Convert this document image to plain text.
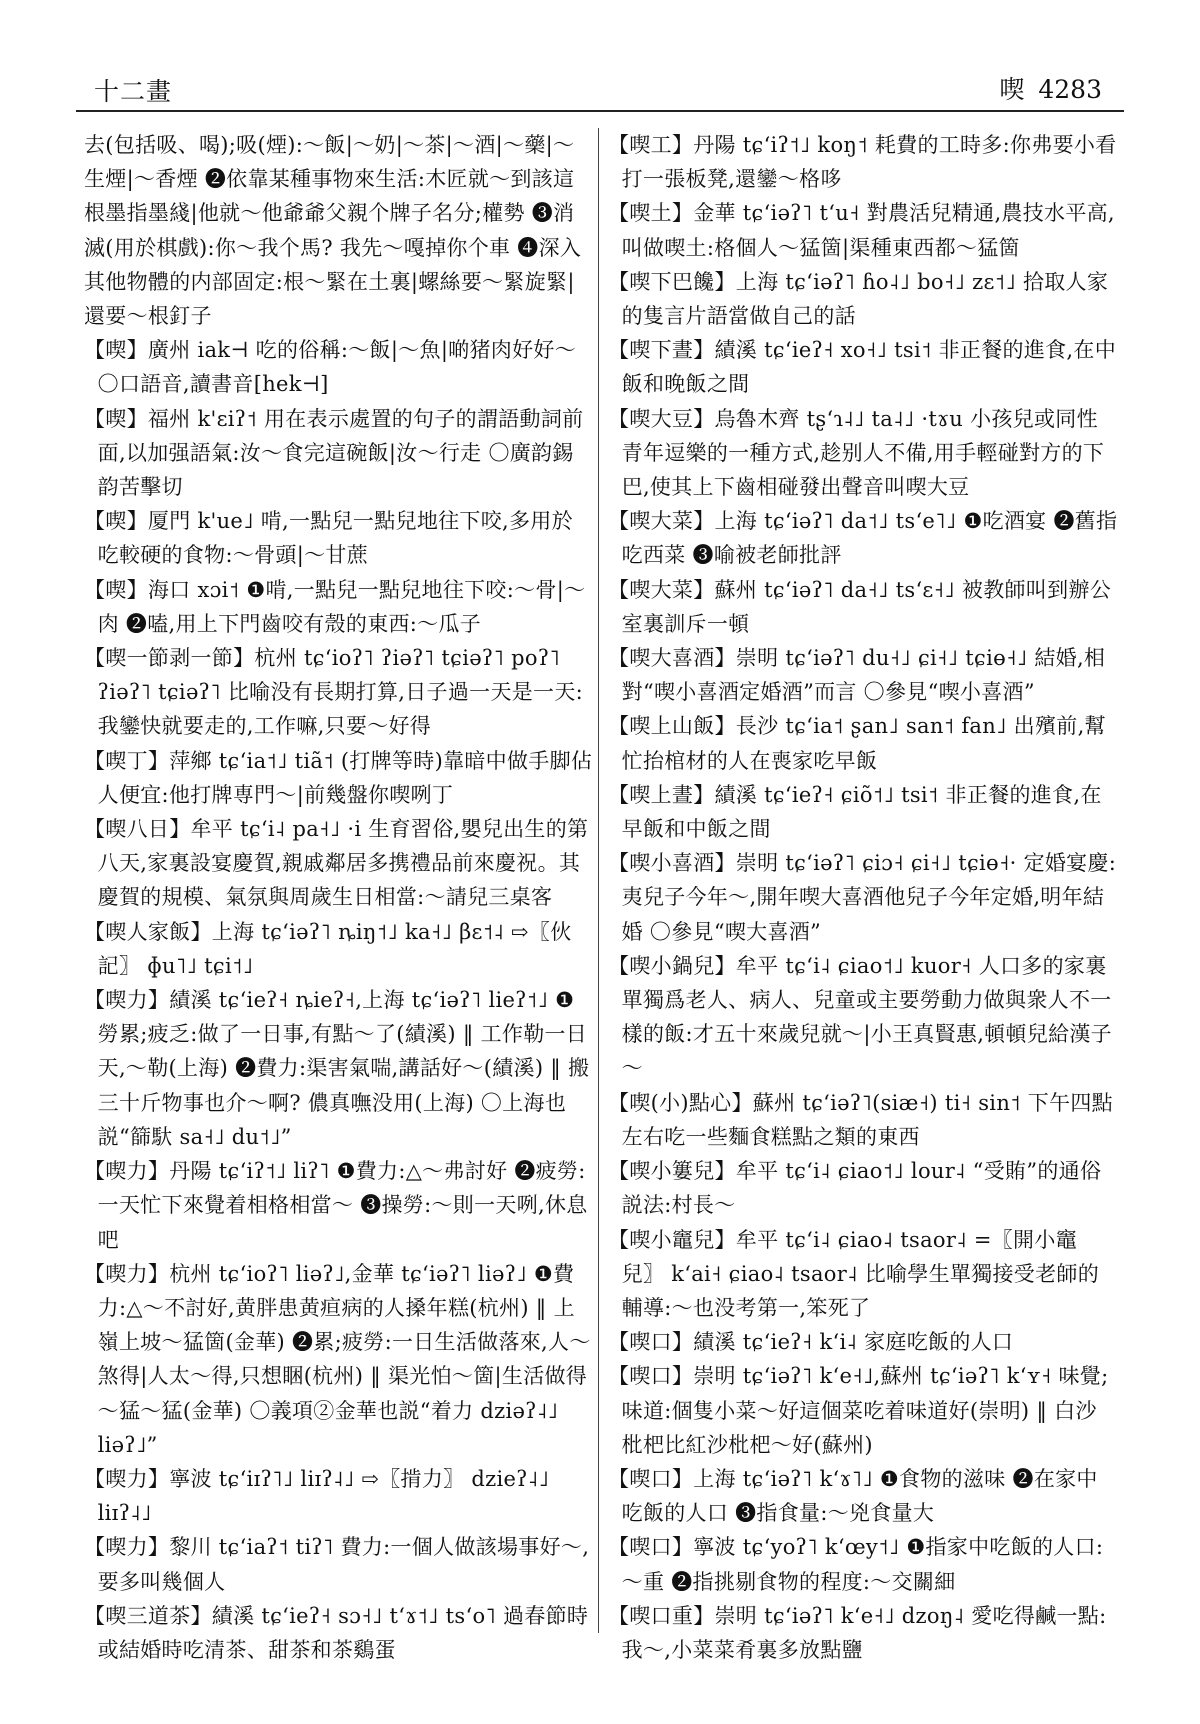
十二畫	喫 4283

去(包括吸、喝);吸(煙):～飯|～奶|～茶|～酒|～藥|～生煙|～香煙 ❷依靠某種事物來生活:木匠就～到該這根墨指墨綫|他就～他爺爺父親个牌子名分;權勢 ❸消滅(用於棋戲):你～我个馬? 我先～嘎掉你个車 ❹深入其他物體的内部固定:根～緊在土裏|螺絲要～緊旋緊|還要～根釘子

【喫】廣州 iak⊣ 吃的俗稱:～飯|～魚|啲猪肉好好～ 〇口語音,讀書音[hek⊣]

【喫】福州 k'ɛiʔ˦ 用在表示處置的句子的謂語動詞前面,以加强語氣:汝～食完這碗飯|汝～行走 〇廣韵錫韵苦擊切

【喫】厦門 k'ue˩ 啃,一點兒一點兒地往下咬,多用於吃較硬的食物:～骨頭|～甘蔗

【喫】海口 xɔi˦ ❶啃,一點兒一點兒地往下咬:～骨|～肉 ❷嗑,用上下門齒咬有殼的東西:～瓜子

【喫一節剥一節】杭州 tɕʻioʔ˥ ʔiəʔ˥ tɕiəʔ˥ poʔ˥ ʔiəʔ˥ tɕiəʔ˥ 比喻没有長期打算,日子過一天是一天:我鑾快就要走的,工作嘛,只要～好得

【喫丁】萍鄉 tɕʻia˦˩ tiã˦ (打牌等時)靠暗中做手脚佔人便宜:他打牌専門～|前幾盤你喫咧丁

【喫八日】牟平 tɕʻi˨ pa˧˩ ·i 生育習俗,嬰兒出生的第八天,家裏設宴慶賀,親戚鄰居多携禮品前來慶祝。其慶賀的規模、氣氛與周歲生日相當:～請兒三桌客

【喫人家飯】上海 tɕʻiəʔ˥ ȵiŋ˦˩ ka˧˩ βɛ˦˨ ⇨〖伙記〗 ɸu˥˩ tɕi˦˩

【喫力】績溪 tɕʻieʔ˧ ȵieʔ˧,上海 tɕʻiəʔ˥ lieʔ˦˩ ❶勞累;疲乏:做了一日事,有點～了(績溪) ‖ 工作勒一日天,～勒(上海) ❷費力:渠害氣喘,講話好～(績溪) ‖ 搬三十斤物事也介～啊? 儂真嘸没用(上海) 〇上海也説“篩馱 sa˧˩ du˦˩”

【喫力】丹陽 tɕʻiʔ˦˩ liʔ˥ ❶費力:△～弗討好 ❷疲勞:一天忙下來覺着相格相當～ ❸操勞:～則一天咧,休息吧

【喫力】杭州 tɕʻioʔ˥ liəʔ˩,金華 tɕʻiəʔ˥ liəʔ˩ ❶費力:△～不討好,黄胖患黄疸病的人搡年糕(杭州) ‖ 上嶺上坡～猛箇(金華) ❷累;疲勞:一日生活做落來,人～煞得|人太～得,只想睏(杭州) ‖ 渠光怕～箇|生活做得～猛～猛(金華) 〇義項②金華也説“着力 dziəʔ˨˩ liəʔ˩”

【喫力】寧波 tɕʻiɪʔ˥˩ liɪʔ˨˩ ⇨〖掯力〗 dzieʔ˨˩ liɪʔ˨˩

【喫力】黎川 tɕʻiaʔ˦ tiʔ˥ 費力:一個人做該場事好～,要多叫幾個人

【喫三道茶】績溪 tɕʻieʔ˧ sɔ˧˩ tʻɤ˦˩ tsʻo˥ 過春節時或結婚時吃清茶、甜茶和茶鷄蛋

【喫工】丹陽 tɕʻiʔ˦˩ koŋ˦ 耗費的工時多:你弗要小看打一張板凳,還鑾～格哆

【喫土】金華 tɕʻiəʔ˥ tʻu˧ 對農活兒精通,農技水平高,叫做喫土:格個人～猛箇|渠種東西都～猛箇

【喫下巴饞】上海 tɕʻiəʔ˥ ɦo˨˩ bo˧˩ zɛ˦˩ 拾取人家的隻言片語當做自己的話

【喫下晝】績溪 tɕʻieʔ˧ xo˧˩ tsi˦ 非正餐的進食,在中飯和晚飯之間

【喫大豆】烏魯木齊 tʂʻɿ˨˩ ta˨˩ ·tɤu 小孩兒或同性青年逗樂的一種方式,趁别人不備,用手輕碰對方的下巴,使其上下齒相碰發出聲音叫喫大豆

【喫大菜】上海 tɕʻiəʔ˥ da˦˩ tsʻe˥˩ ❶吃酒宴 ❷舊指吃西菜 ❸喻被老師批評

【喫大菜】蘇州 tɕʻiəʔ˥ da˧˩ tsʻɛ˧˩ 被教師叫到辦公室裏訓斥一頓

【喫大喜酒】崇明 tɕʻiəʔ˥ du˧˩ ɕi˧˩ tɕiө˧˩ 結婚,相對“喫小喜酒定婚酒”而言 〇參見“喫小喜酒”

【喫上山飯】長沙 tɕʻia˦ ʂan˩ san˦ fan˩ 出殯前,幫忙抬棺材的人在喪家吃早飯

【喫上晝】績溪 tɕʻieʔ˧ ɕiõ˦˩ tsi˦ 非正餐的進食,在早飯和中飯之間

【喫小喜酒】崇明 tɕʻiəʔ˥ ɕiɔ˧ ɕi˧˩ tɕiө˧· 定婚宴慶:夷兒子今年～,開年喫大喜酒他兒子今年定婚,明年結婚 〇參見“喫大喜酒”

【喫小鍋兒】牟平 tɕʻi˨ ɕiao˦˩ kuor˧ 人口多的家裏單獨爲老人、病人、兒童或主要勞動力做與衆人不一樣的飯:才五十來歲兒就～|小王真賢惠,頓頓兒給漢子～

【喫(小)點心】蘇州 tɕʻiəʔ˥(siæ˧) ti˧ sin˦ 下午四點左右吃一些麵食糕點之類的東西

【喫小簍兒】牟平 tɕʻi˨ ɕiao˦˩ lour˨ “受賄”的通俗説法:村長～

【喫小竈兒】牟平 tɕʻi˨ ɕiao˨ tsaor˨ =〖開小竈兒〗 kʻai˧ ɕiao˨ tsaor˨ 比喻學生單獨接受老師的輔導:～也没考第一,笨死了

【喫口】績溪 tɕʻieʔ˧ kʻi˨ 家庭吃飯的人口

【喫口】崇明 tɕʻiəʔ˥ kʻe˧˩,蘇州 tɕʻiəʔ˥ kʻʏ˧ 味覺;味道:個隻小菜～好這個菜吃着味道好(崇明) ‖ 白沙枇杷比紅沙枇杷～好(蘇州)

【喫口】上海 tɕʻiəʔ˥ kʻɤ˥˩ ❶食物的滋味 ❷在家中吃飯的人口 ❸指食量:～兇食量大

【喫口】寧波 tɕʻyoʔ˥ kʻœy˦˩ ❶指家中吃飯的人口:～重 ❷指挑剔食物的程度:～交關細

【喫口重】崇明 tɕʻiəʔ˥ kʻe˧˩ dzoŋ˨ 愛吃得鹹一點:我～,小菜菜肴裏多放點鹽
